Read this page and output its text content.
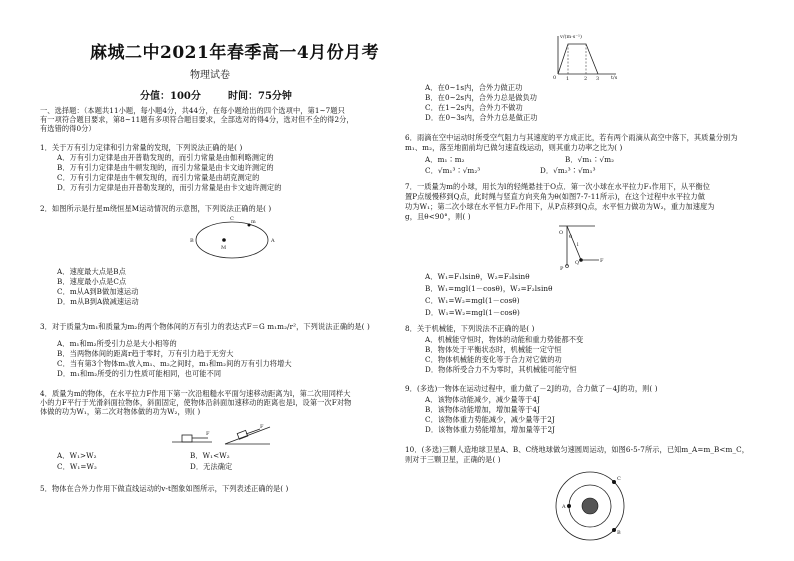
麻城二中2021年春季高一4月份月考
物理试卷
分值：100分	时间：75分钟
一、选择题：（本题共11小题，每小题4分，共44分，在每小题给出的四个选项中，第1~7题只
有一项符合题目要求，第8~11题有多项符合题目要求，全部选对的得4分，选对但不全的得2分，
有选错的得0分）
1．关于万有引力定律和引力常量的发现，下列说法正确的是( )
A．万有引力定律是由开普勒发现的，而引力常量是由伽利略测定的
B．万有引力定律是由牛顿发现的，而引力常量是由卡文迪许测定的
C．万有引力定律是由牛顿发现的，而引力常量是由胡克测定的
D．万有引力定律是由开普勒发现的，而引力常量是由卡文迪许测定的
2．如图所示是行星m绕恒星M运动情况的示意图，下列说法正确的是( )
B	A
C
M
m
A．速度最大点是B点
B．速度最小点是C点
C．m从A到B做加速运动
D．m从B到A做减速运动
3．对于质量为m₁和质量为m₂的两个物体间的万有引力的表达式F＝G m₁m₂/r²，下列说法正确的是( )
A．m₁和m₂所受引力总是大小相等的
B．当两物体间的距离r趋于零时，万有引力趋于无穷大
C．当有第3个物体m₃放入m₁、m₂之间时，m₁和m₂间的万有引力将增大
D．m₁和m₂所受的引力性质可能相同，也可能不同
4．质量为m的物体，在水平拉力F作用下第一次沿粗糙水平面匀速移动距离为l，第二次用同样大
小的力F平行于光滑斜面拉物体，斜面固定，使物体沿斜面加速移动的距离也是l，设第一次F对物
体做的功为W₁，第二次对物体做的功为W₂，则( )
F
F
A．W₁>W₂	B．W₁<W₂
C．W₁=W₂	D．无法确定
5．物体在合外力作用下做直线运动的v-t图象如图所示，下列表述正确的是( )
v/(m·s⁻¹)
t/s
0 1	2 3
A．在0~1s内，合外力做正功
B．在0~2s内，合外力总是做负功
C．在1~2s内，合外力不做功
D．在0~3s内，合外力总是做正功
6．雨滴在空中运动时所受空气阻力与其速度的平方成正比，若有两个雨滴从高空中落下，其质量分别为
m₁、m₂，落至地面前均已做匀速直线运动，则其重力功率之比为( )
A．m₁∶m₂	B．√m₁∶√m₂
C．√m₁³∶√m₂³	D．√m₂³∶√m₁³
7．一质量为m的小球，用长为l的轻绳悬挂于O点．第一次小球在水平拉力F₁作用下，从平衡位
置P点缓慢移到Q点，此时绳与竖直方向夹角为θ(如图7-7-11所示)，在这个过程中水平拉力做
功为W₁；第二次小球在水平恒力F₂作用下，从P点移到Q点，水平恒力做功为W₂，重力加速度为
g，且θ<90°，则( )
O
P
Q	F
θ
l
A．W₁=F₁lsinθ，W₂=F₂lsinθ
B．W₁=mgl(1－cosθ)，W₂=F₂lsinθ
C．W₁=W₂=mgl(1－cosθ)
D．W₁=W₂=mgl(1－cosθ)
8．关于机械能，下列说法不正确的是( )
A．机械能守恒时，物体的动能和重力势能都不变
B．物体处于平衡状态时，机械能一定守恒
C．物体机械能的变化等于合力对它做的功
D．物体所受合力不为零时，其机械能可能守恒
9．(多选)一物体在运动过程中，重力做了－2J的功，合力做了－4J的功，则( )
A．该物体动能减少，减少量等于4J
B．该物体动能增加，增加量等于4J
C．该物体重力势能减少，减少量等于2J
D．该物体重力势能增加，增加量等于2J
10．(多选)三颗人造地球卫星A、B、C绕地球做匀速圆周运动，如图6-5-7所示，已知m_A=m_B<m_C，
则对于三颗卫星，正确的是( )
A
C
B
